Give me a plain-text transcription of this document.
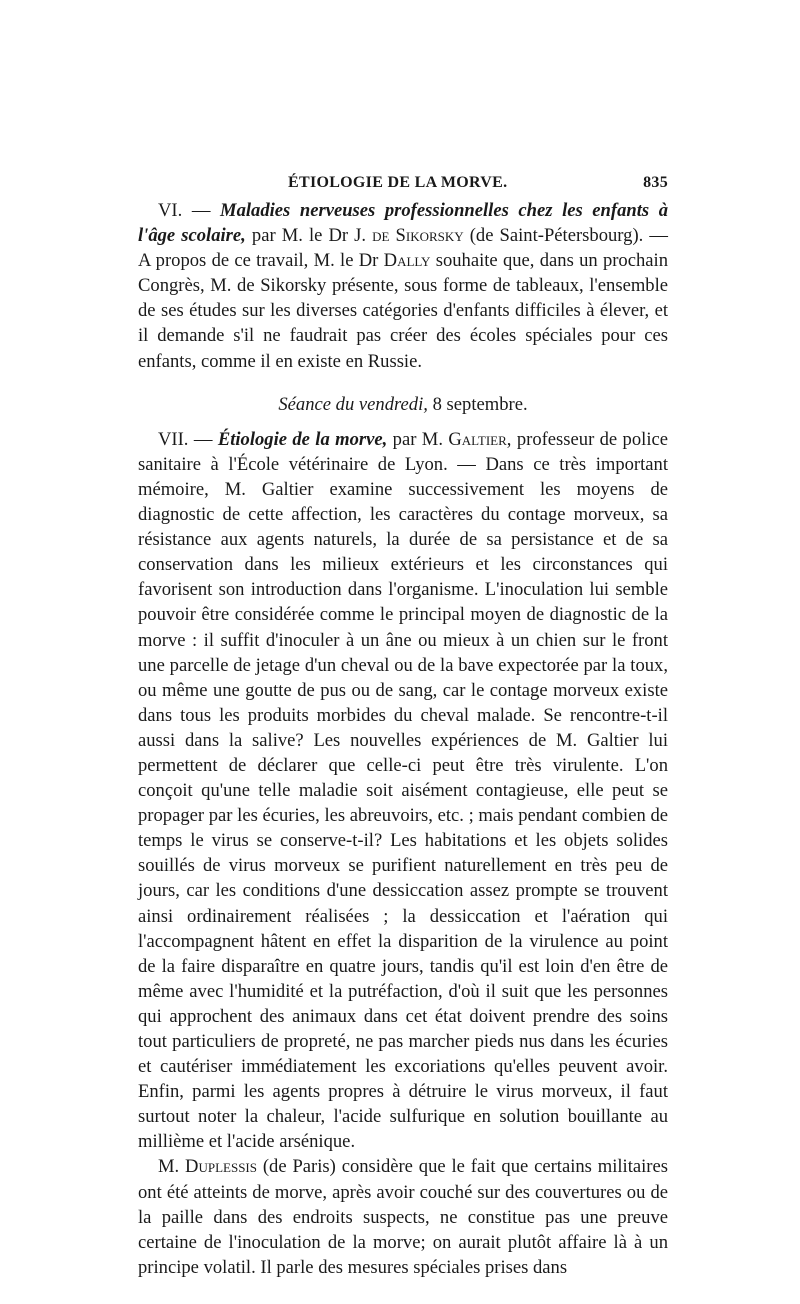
ÉTIOLOGIE DE LA MORVE.	835

VI. — Maladies nerveuses professionnelles chez les enfants à l'âge scolaire, par M. le Dr J. de Sikorsky (de Saint-Pétersbourg). — A propos de ce travail, M. le Dr Dally souhaite que, dans un prochain Congrès, M. de Sikorsky présente, sous forme de tableaux, l'ensemble de ses études sur les diverses catégories d'enfants difficiles à élever, et il demande s'il ne faudrait pas créer des écoles spéciales pour ces enfants, comme il en existe en Russie.

Séance du vendredi, 8 septembre.

VII. — Étiologie de la morve, par M. Galtier, professeur de police sanitaire à l'École vétérinaire de Lyon. — Dans ce très important mémoire, M. Galtier examine successivement les moyens de diagnostic de cette affection, les caractères du contage morveux, sa résistance aux agents naturels, la durée de sa persistance et de sa conservation dans les milieux extérieurs et les circonstances qui favorisent son introduction dans l'organisme. L'inoculation lui semble pouvoir être considérée comme le principal moyen de diagnostic de la morve : il suffit d'inoculer à un âne ou mieux à un chien sur le front une parcelle de jetage d'un cheval ou de la bave expectorée par la toux, ou même une goutte de pus ou de sang, car le contage morveux existe dans tous les produits morbides du cheval malade. Se rencontre-t-il aussi dans la salive? Les nouvelles expériences de M. Galtier lui permettent de déclarer que celle-ci peut être très virulente. L'on conçoit qu'une telle maladie soit aisément contagieuse, elle peut se propager par les écuries, les abreuvoirs, etc. ; mais pendant combien de temps le virus se conserve-t-il? Les habitations et les objets solides souillés de virus morveux se purifient naturellement en très peu de jours, car les conditions d'une dessiccation assez prompte se trouvent ainsi ordinairement réalisées ; la dessiccation et l'aération qui l'accompagnent hâtent en effet la disparition de la virulence au point de la faire disparaître en quatre jours, tandis qu'il est loin d'en être de même avec l'humidité et la putréfaction, d'où il suit que les personnes qui approchent des animaux dans cet état doivent prendre des soins tout particuliers de propreté, ne pas marcher pieds nus dans les écuries et cautériser immédiatement les excoriations qu'elles peuvent avoir. Enfin, parmi les agents propres à détruire le virus morveux, il faut surtout noter la chaleur, l'acide sulfurique en solution bouillante au millième et l'acide arsénique.

M. Duplessis (de Paris) considère que le fait que certains militaires ont été atteints de morve, après avoir couché sur des couvertures ou de la paille dans des endroits suspects, ne constitue pas une preuve certaine de l'inoculation de la morve; on aurait plutôt affaire là à un principe volatil. Il parle des mesures spéciales prises dans
